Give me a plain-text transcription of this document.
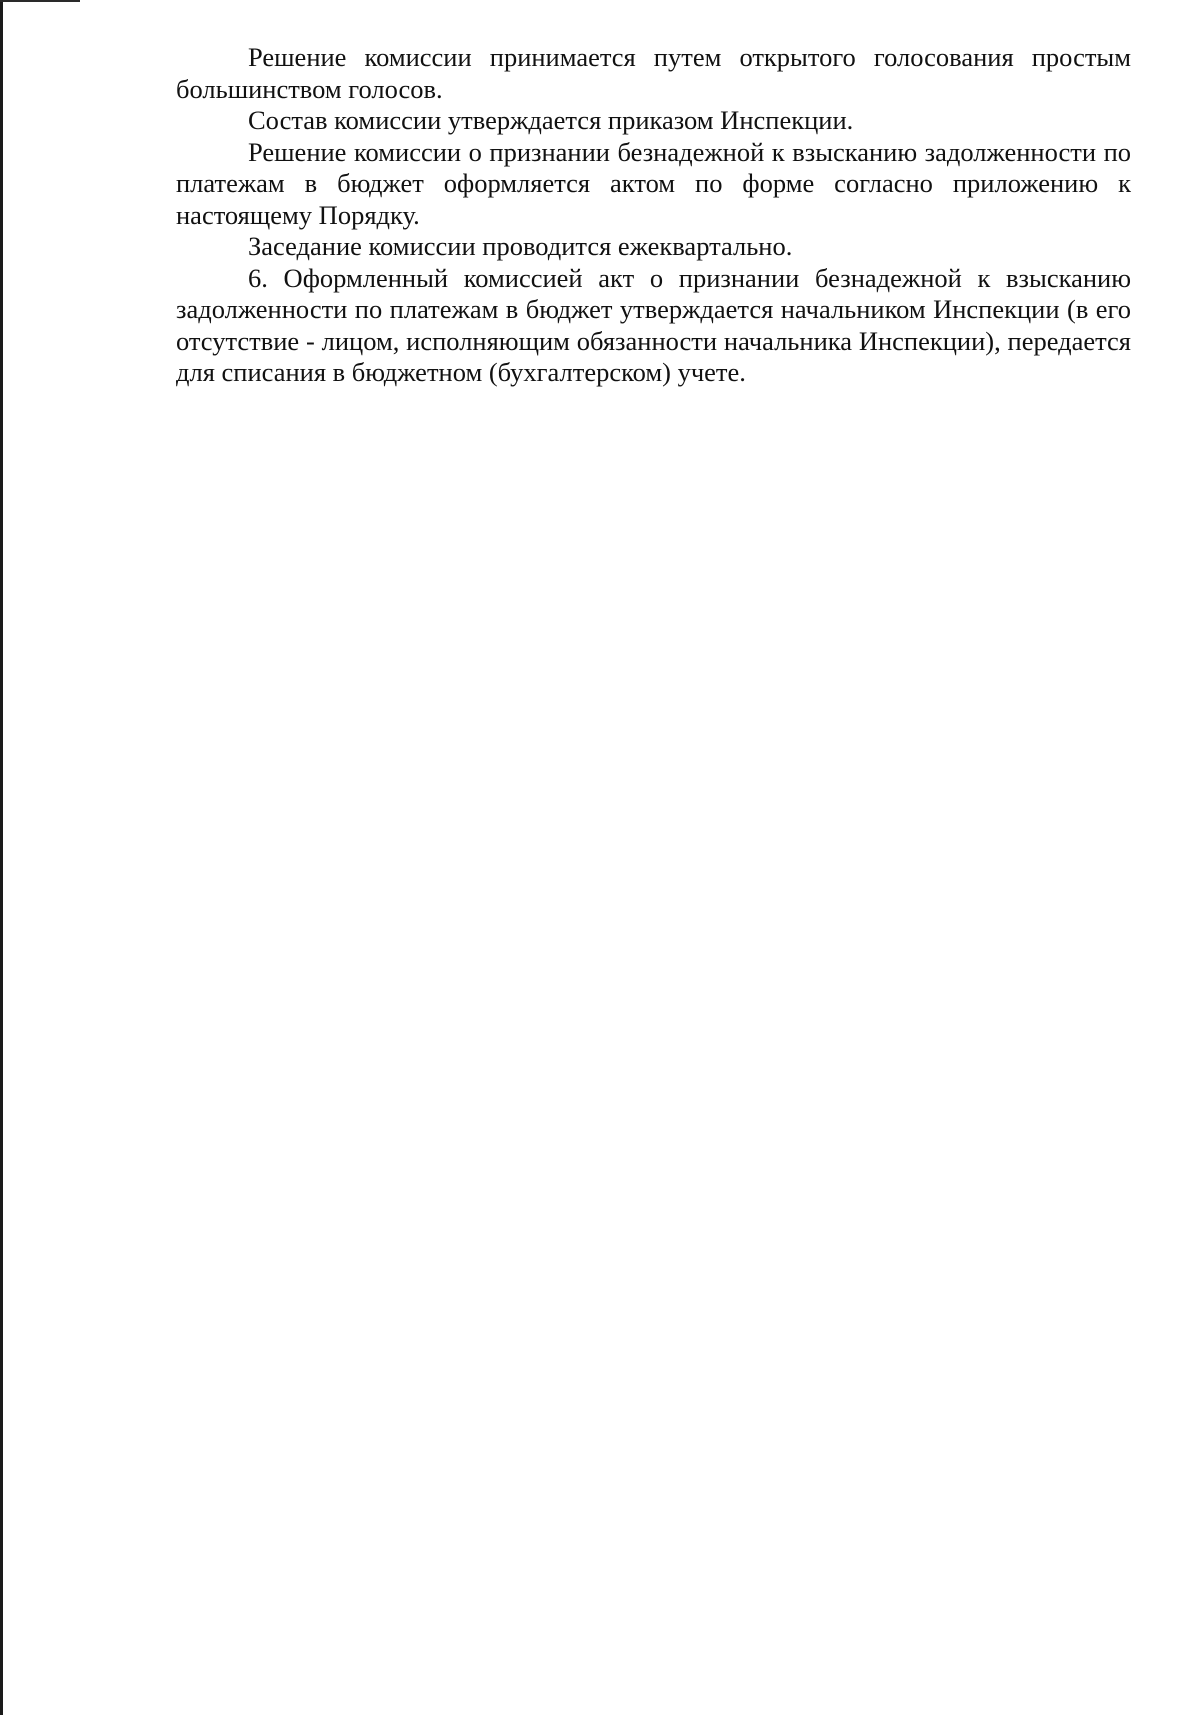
Решение комиссии принимается путем открытого голосования простым большинством голосов.

Состав комиссии утверждается приказом Инспекции.

Решение комиссии о признании безнадежной к взысканию задолженности по платежам в бюджет оформляется актом по форме согласно приложению к настоящему Порядку.

Заседание комиссии проводится ежеквартально.

6. Оформленный комиссией акт о признании безнадежной к взысканию задолженности по платежам в бюджет утверждается начальником Инспекции (в его отсутствие - лицом, исполняющим обязанности начальника Инспекции), передается для списания в бюджетном (бухгалтерском) учете.
